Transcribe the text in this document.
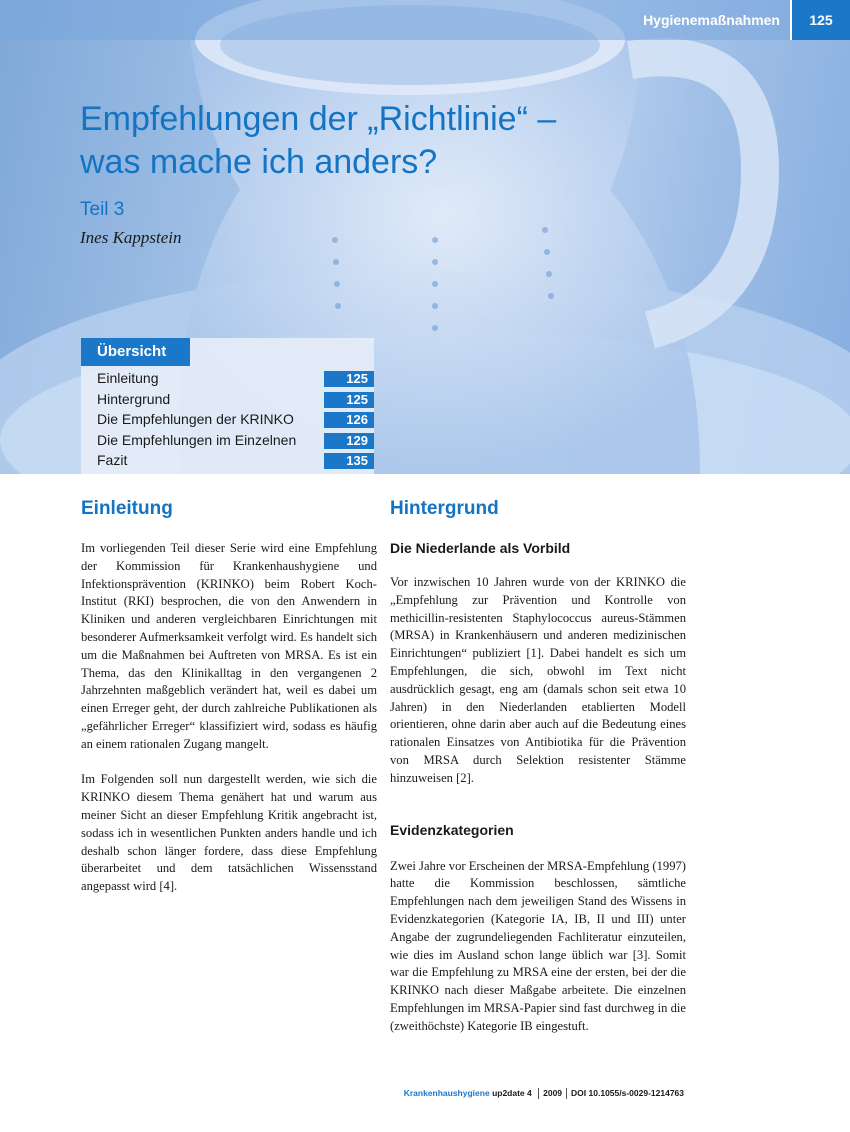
Hygienemaßnahmen	125
Empfehlungen der „Richtlinie“ –
was mache ich anders?
Teil 3
Ines Kappstein
Übersicht
Einleitung	125
Hintergrund	125
Die Empfehlungen der KRINKO	126
Die Empfehlungen im Einzelnen	129
Fazit	135
Einleitung

Im vorliegenden Teil dieser Serie wird eine Empfehlung der Kommission für Krankenhaushygiene und Infektionsprävention (KRINKO) beim Robert Koch-Institut (RKI) besprochen, die von den Anwendern in Kliniken und anderen vergleichbaren Einrichtungen mit besonderer Aufmerksamkeit verfolgt wird. Es handelt sich um die Maßnahmen bei Auftreten von MRSA. Es ist ein Thema, das den Klinikalltag in den vergangenen 2 Jahrzehnten maßgeblich verändert hat, weil es dabei um einen Erreger geht, der durch zahlreiche Publikationen als „gefährlicher Erreger“ klassifiziert wird, sodass es häufig an einem rationalen Zugang mangelt.

Im Folgenden soll nun dargestellt werden, wie sich die KRINKO diesem Thema genähert hat und warum aus meiner Sicht an dieser Empfehlung Kritik angebracht ist, sodass ich in wesentlichen Punkten anders handle und ich deshalb schon länger fordere, dass diese Empfehlung überarbeitet und dem tatsächlichen Wissensstand angepasst wird [4].

Hintergrund
Die Niederlande als Vorbild

Vor inzwischen 10 Jahren wurde von der KRINKO die „Empfehlung zur Prävention und Kontrolle von methicillin-resistenten Staphylococcus aureus-Stämmen (MRSA) in Krankenhäusern und anderen medizinischen Einrichtungen“ publiziert [1]. Dabei handelt es sich um Empfehlungen, die sich, obwohl im Text nicht ausdrücklich gesagt, eng am (damals schon seit etwa 10 Jahren) in den Niederlanden etablierten Modell orientieren, ohne darin aber auch auf die Bedeutung eines rationalen Einsatzes von Antibiotika für die Prävention von MRSA durch Selektion resistenter Stämme hinzuweisen [2].

Evidenzkategorien

Zwei Jahre vor Erscheinen der MRSA-Empfehlung (1997) hatte die Kommission beschlossen, sämtliche Empfehlungen nach dem jeweiligen Stand des Wissens in Evidenzkategorien (Kategorie IA, IB, II und III) unter Angabe der zugrundeliegenden Fachliteratur einzuteilen, wie dies im Ausland schon lange üblich war [3]. Somit war die Empfehlung zu MRSA eine der ersten, bei der die KRINKO nach dieser Maßgabe arbeitete. Die einzelnen Empfehlungen im MRSA-Papier sind fast durchweg in die (zweithöchste) Kategorie IB eingestuft.

Krankenhaushygiene up2date 4 2009 DOI 10.1055/s-0029-1214763
